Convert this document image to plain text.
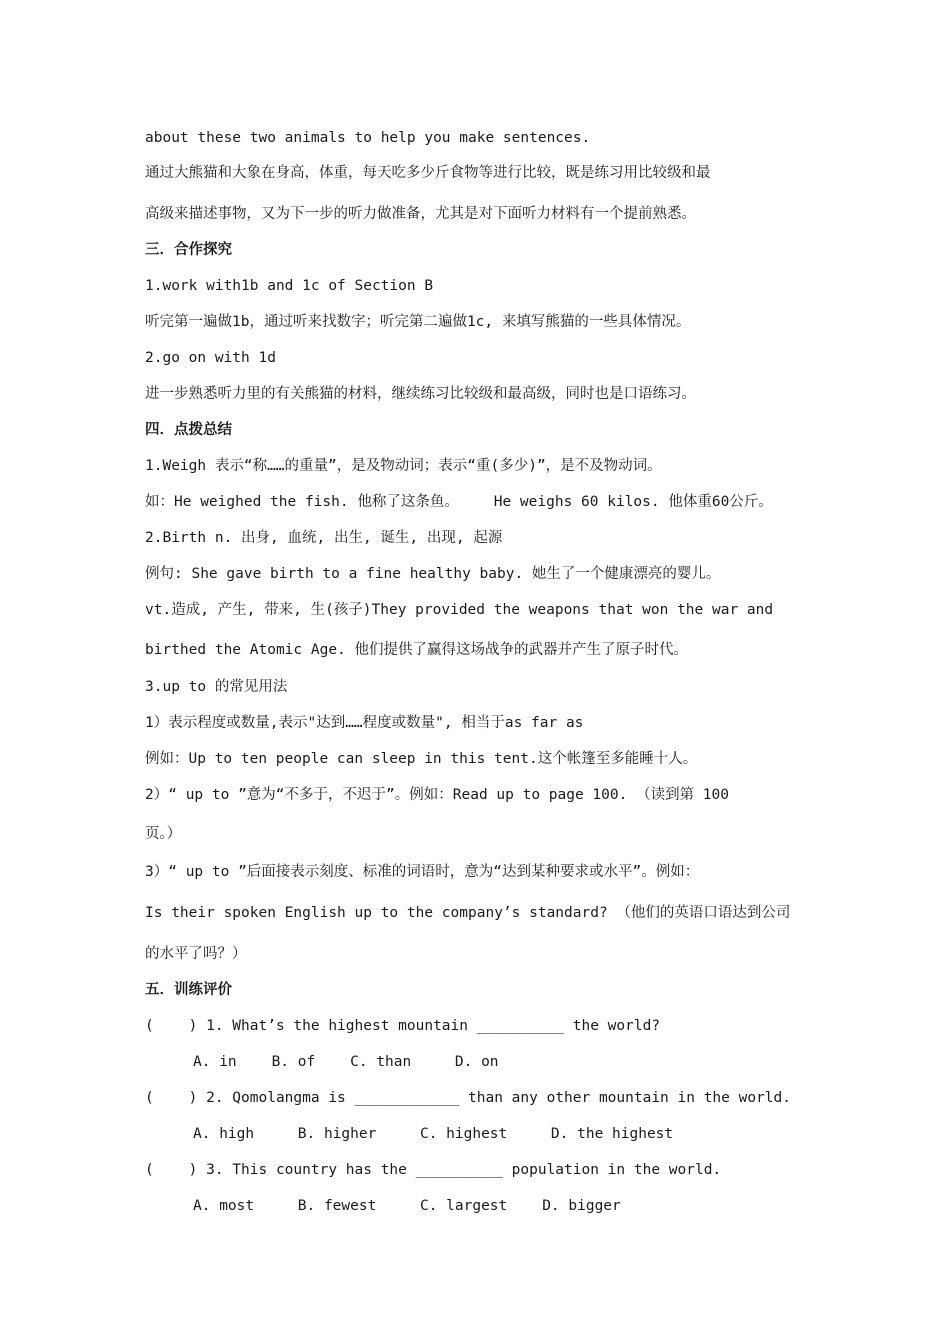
about these two animals to help you make sentences.
通过大熊猫和大象在身高，体重，每天吃多少斤食物等进行比较，既是练习用比较级和最
高级来描述事物，又为下一步的听力做准备，尤其是对下面听力材料有一个提前熟悉。
三．合作探究
1.work with1b and 1c of Section B
听完第一遍做1b，通过听来找数字；听完第二遍做1c, 来填写熊猫的一些具体情况。
2.go on with 1d
进一步熟悉听力里的有关熊猫的材料，继续练习比较级和最高级，同时也是口语练习。
四．点拨总结
1.Weigh 表示“称……的重量”，是及物动词；表示“重(多少)”，是不及物动词。
如：He weighed the fish. 他称了这条鱼。    He weighs 60 kilos. 他体重60公斤。
2.Birth n. 出身, 血统, 出生, 诞生, 出现, 起源
例句: She gave birth to a fine healthy baby. 她生了一个健康漂亮的婴儿。
vt.造成, 产生, 带来, 生(孩子)They provided the weapons that won the war and
birthed the Atomic Age. 他们提供了赢得这场战争的武器并产生了原子时代。
3.up to 的常见用法
1）表示程度或数量,表示"达到……程度或数量", 相当于as far as
例如：Up to ten people can sleep in this tent.这个帐篷至多能睡十人。
2）“ up to ”意为“不多于，不迟于”。例如：Read up to page 100. （读到第 100
页。）
3）“ up to ”后面接表示刻度、标准的词语时，意为“达到某种要求或水平”。例如：
Is their spoken English up to the company’s standard? （他们的英语口语达到公司
的水平了吗？）
五．训练评价
(    ) 1. What’s the highest mountain __________ the world?
A. in    B. of    C. than     D. on
(    ) 2. Qomolangma is ____________ than any other mountain in the world.
A. high     B. higher     C. highest     D. the highest
(    ) 3. This country has the __________ population in the world.
A. most     B. fewest     C. largest    D. bigger
